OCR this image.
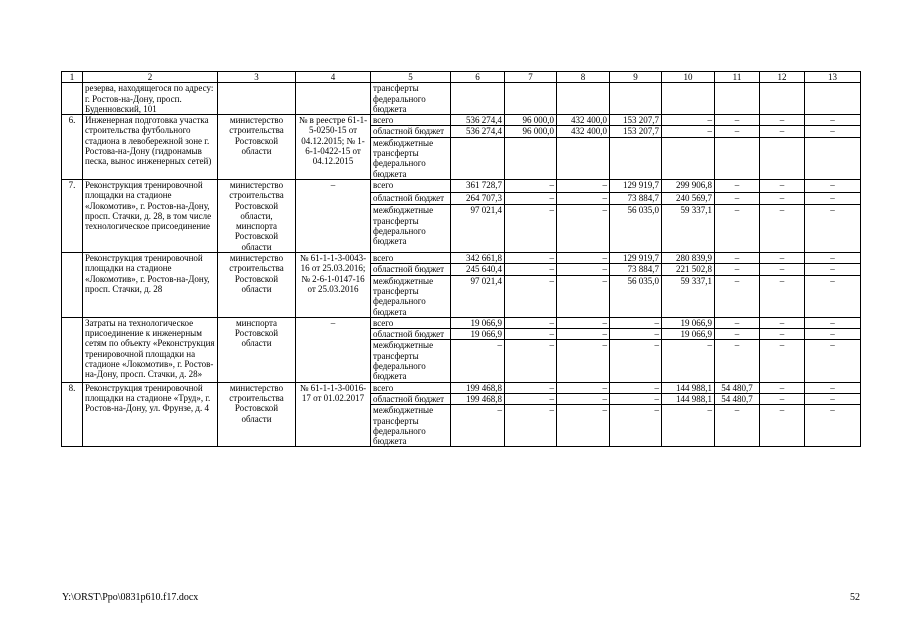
1	2	3	4	5	6	7	8	9	10	11	12	13
	резерва, находящегося по адресу: г. Ростов-на-Дону, просп. Буденновский, 101			трансферты федерального бюджета								
6.	Инженерная подготовка участка строительства футбольного стадиона в левобережной зоне г. Ростова-на-Дону (гидронамыв песка, вынос инженерных сетей)	министерство строительства Ростовской области	№ в реестре 61-1-5-0250-15 от 04.12.2015; № 1-6-1-0422-15 от 04.12.2015	всего	536 274,4	96 000,0	432 400,0	153 207,7	–	–	–	–
				областной бюджет	536 274,4	96 000,0	432 400,0	153 207,7	–	–	–	–
				межбюджетные трансферты федерального бюджета								
7.	Реконструкция тренировочной площадки на стадионе «Локомотив», г. Ростов-на-Дону, просп. Стачки, д. 28, в том числе технологическое присоединение	министерство строительства Ростовской области, минспорта Ростовской области	–	всего	361 728,7	–	–	129 919,7	299 906,8	–	–	–
				областной бюджет	264 707,3	–	–	73 884,7	240 569,7	–	–	–
				межбюджетные трансферты федерального бюджета	97 021,4	–	–	56 035,0	59 337,1	–	–	–
	Реконструкция тренировочной площадки на стадионе «Локомотив», г. Ростов-на-Дону, просп. Стачки, д. 28	министерство строительства Ростовской области	№ 61-1-1-3-0043-16 от 25.03.2016; № 2-6-1-0147-16 от 25.03.2016	всего	342 661,8	–	–	129 919,7	280 839,9	–	–	–
				областной бюджет	245 640,4	–	–	73 884,7	221 502,8	–	–	–
				межбюджетные трансферты федерального бюджета	97 021,4	–	–	56 035,0	59 337,1	–	–	–
	Затраты на технологическое присоединение к инженерным сетям по объекту «Реконструкция тренировочной площадки на стадионе «Локомотив», г. Ростов-на-Дону, просп. Стачки, д. 28»	минспорта Ростовской области	–	всего	19 066,9	–	–	–	19 066,9	–	–	–
				областной бюджет	19 066,9	–	–	–	19 066,9	–	–	–
				межбюджетные трансферты федерального бюджета	–	–	–	–	–	–	–	–
8.	Реконструкция тренировочной площадки на стадионе «Труд», г. Ростов-на-Дону, ул. Фрунзе, д. 4	министерство строительства Ростовской области	№ 61-1-1-3-0016-17 от 01.02.2017	всего	199 468,8	–	–	–	144 988,1	54 480,7	–	–
				областной бюджет	199 468,8	–	–	–	144 988,1	54 480,7	–	–
				межбюджетные трансферты федерального бюджета	–	–	–	–	–	–	–	–
Y:\ORST\Ppo\0831p610.f17.docx	52
